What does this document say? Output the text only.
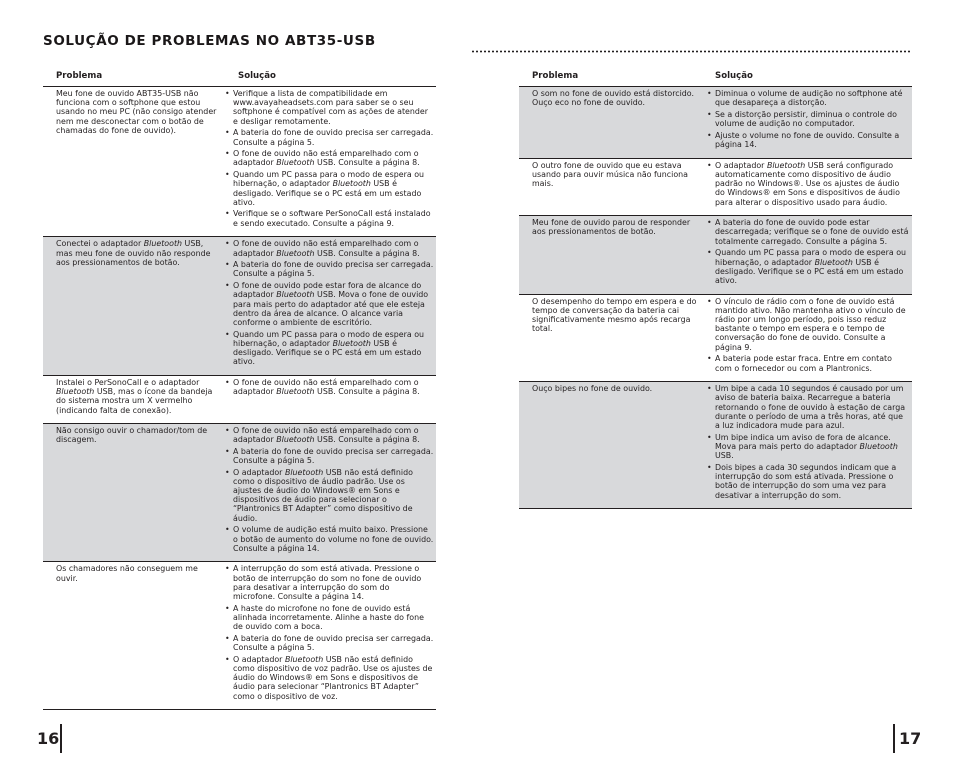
SOLUÇÃO DE PROBLEMAS NO ABT35-USB
Problema	Solução
Meu fone de ouvido ABT35-USB não funciona com o softphone que estou usando no meu PC (não consigo atender nem me desconectar com o botão de chamadas do fone de ouvido).
• Verifique a lista de compatibilidade em www.avayaheadsets.com para saber se o seu softphone é compatível com as ações de atender e desligar remotamente.
• A bateria do fone de ouvido precisa ser carregada. Consulte a página 5.
• O fone de ouvido não está emparelhado com o adaptador Bluetooth USB. Consulte a página 8.
• Quando um PC passa para o modo de espera ou hibernação, o adaptador Bluetooth USB é desligado. Verifique se o PC está em um estado ativo.
• Verifique se o software PerSonoCall está instalado e sendo executado. Consulte a página 9.
Conectei o adaptador Bluetooth USB, mas meu fone de ouvido não responde aos pressionamentos de botão.
• O fone de ouvido não está emparelhado com o adaptador Bluetooth USB. Consulte a página 8.
• A bateria do fone de ouvido precisa ser carregada. Consulte a página 5.
• O fone de ouvido pode estar fora de alcance do adaptador Bluetooth USB. Mova o fone de ouvido para mais perto do adaptador até que ele esteja dentro da área de alcance. O alcance varia conforme o ambiente de escritório.
• Quando um PC passa para o modo de espera ou hibernação, o adaptador Bluetooth USB é desligado. Verifique se o PC está em um estado ativo.
Instalei o PerSonoCall e o adaptador Bluetooth USB, mas o ícone da bandeja do sistema mostra um X vermelho (indicando falta de conexão).
• O fone de ouvido não está emparelhado com o adaptador Bluetooth USB. Consulte a página 8.
Não consigo ouvir o chamador/tom de discagem.
• O fone de ouvido não está emparelhado com o adaptador Bluetooth USB. Consulte a página 8.
• A bateria do fone de ouvido precisa ser carregada. Consulte a página 5.
• O adaptador Bluetooth USB não está definido como o dispositivo de áudio padrão. Use os ajustes de áudio do Windows® em Sons e dispositivos de áudio para selecionar o “Plantronics BT Adapter” como dispositivo de áudio.
• O volume de audição está muito baixo. Pressione o botão de aumento do volume no fone de ouvido. Consulte a página 14.
Os chamadores não conseguem me ouvir.
• A interrupção do som está ativada. Pressione o botão de interrupção do som no fone de ouvido para desativar a interrupção do som do microfone. Consulte a página 14.
• A haste do microfone no fone de ouvido está alinhada incorretamente. Alinhe a haste do fone de ouvido com a boca.
• A bateria do fone de ouvido precisa ser carregada. Consulte a página 5.
• O adaptador Bluetooth USB não está definido como dispositivo de voz padrão. Use os ajustes de áudio do Windows® em Sons e dispositivos de áudio para selecionar “Plantronics BT Adapter” como o dispositivo de voz.
Problema	Solução
O som no fone de ouvido está distorcido. Ouço eco no fone de ouvido.
• Diminua o volume de audição no softphone até que desapareça a distorção.
• Se a distorção persistir, diminua o controle do volume de audição no computador.
• Ajuste o volume no fone de ouvido. Consulte a página 14.
O outro fone de ouvido que eu estava usando para ouvir música não funciona mais.
• O adaptador Bluetooth USB será configurado automaticamente como dispositivo de áudio padrão no Windows®. Use os ajustes de áudio do Windows® em Sons e dispositivos de áudio para alterar o dispositivo usado para áudio.
Meu fone de ouvido parou de responder aos pressionamentos de botão.
• A bateria do fone de ouvido pode estar descarregada; verifique se o fone de ouvido está totalmente carregado. Consulte a página 5.
• Quando um PC passa para o modo de espera ou hibernação, o adaptador Bluetooth USB é desligado. Verifique se o PC está em um estado ativo.
O desempenho do tempo em espera e do tempo de conversação da bateria cai significativamente mesmo após recarga total.
• O vínculo de rádio com o fone de ouvido está mantido ativo. Não mantenha ativo o vínculo de rádio por um longo período, pois isso reduz bastante o tempo em espera e o tempo de conversação do fone de ouvido. Consulte a página 9.
• A bateria pode estar fraca. Entre em contato com o fornecedor ou com a Plantronics.
Ouço bipes no fone de ouvido.
•	Um bipe a cada 10 segundos é causado por um aviso de bateria baixa. Recarregue a bateria retornando o fone de ouvido à estação de carga durante o período de uma a três horas, até que a luz indicadora mude para azul.
• Um bipe indica um aviso de fora de alcance. Mova para mais perto do adaptador Bluetooth USB.
• Dois bipes a cada 30 segundos indicam que a interrupção do som está ativada. Pressione o botão de interrupção do som uma vez para desativar a interrupção do som.
16	17
